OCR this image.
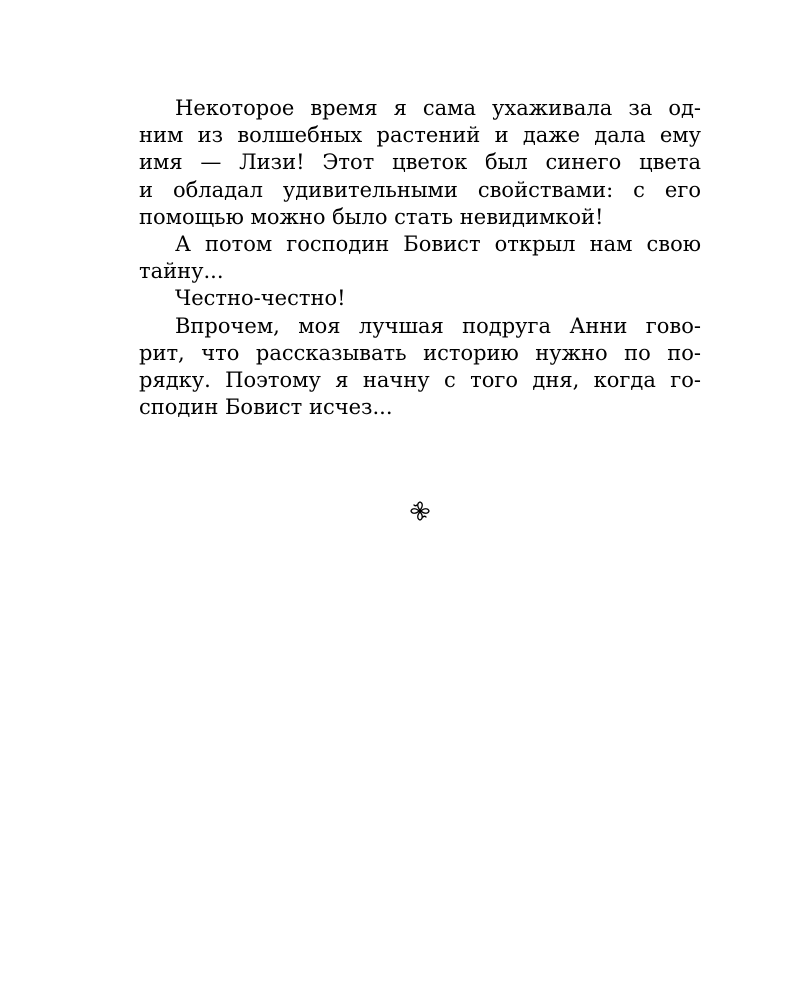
Некоторое время я сама ухаживала за од-
ним из волшебных растений и даже дала ему
имя — Лизи! Этот цветок был синего цвета
и обладал удивительными свойствами: с его
помощью можно было стать невидимкой!
А потом господин Бовист открыл нам свою
тайну...
Честно-честно!
Впрочем, моя лучшая подруга Анни гово-
рит, что рассказывать историю нужно по по-
рядку. Поэтому я начну с того дня, когда го-
сподин Бовист исчез...
